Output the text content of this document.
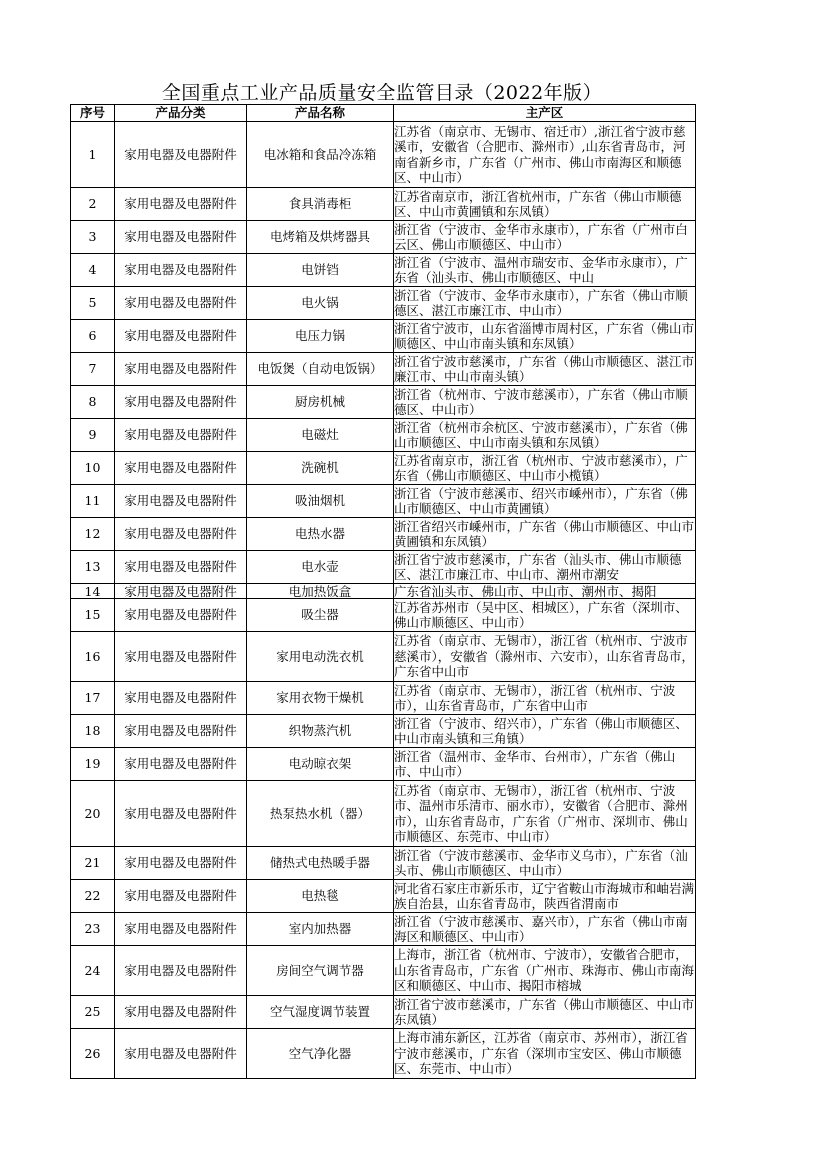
全国重点工业产品质量安全监管目录（2022年版）
序号	产品分类	产品名称	主产区

1	家用电器及电器附件	电冰箱和食品冷冻箱	江苏省（南京市、无锡市、宿迁市）,浙江省宁波市慈溪市，安徽省（合肥市、滁州市）,山东省青岛市，河南省新乡市，广东省（广州市、佛山市南海区和顺德区、中山市）

2	家用电器及电器附件	食具消毒柜	江苏省南京市，浙江省杭州市，广东省（佛山市顺德区、中山市黄圃镇和东凤镇）

3	家用电器及电器附件	电烤箱及烘烤器具	浙江省（宁波市、金华市永康市），广东省（广州市白云区、佛山市顺德区、中山市）

4	家用电器及电器附件	电饼铛	浙江省（宁波市、温州市瑞安市、金华市永康市），广东省（汕头市、佛山市顺德区、中山

5	家用电器及电器附件	电火锅	浙江省（宁波市、金华市永康市），广东省（佛山市顺德区、湛江市廉江市、中山市）

6	家用电器及电器附件	电压力锅	浙江省宁波市，山东省淄博市周村区，广东省（佛山市顺德区、中山市南头镇和东凤镇）

7	家用电器及电器附件	电饭煲（自动电饭锅）	浙江省宁波市慈溪市，广东省（佛山市顺德区、湛江市廉江市、中山市南头镇）

8	家用电器及电器附件	厨房机械	浙江省（杭州市、宁波市慈溪市），广东省（佛山市顺德区、中山市）

9	家用电器及电器附件	电磁灶	浙江省（杭州市余杭区、宁波市慈溪市），广东省（佛山市顺德区、中山市南头镇和东凤镇）

10	家用电器及电器附件	洗碗机	江苏省南京市，浙江省（杭州市、宁波市慈溪市），广东省（佛山市顺德区、中山市小榄镇）

11	家用电器及电器附件	吸油烟机	浙江省（宁波市慈溪市、绍兴市嵊州市），广东省（佛山市顺德区、中山市黄圃镇）

12	家用电器及电器附件	电热水器	浙江省绍兴市嵊州市，广东省（佛山市顺德区、中山市黄圃镇和东凤镇）

13	家用电器及电器附件	电水壶	浙江省宁波市慈溪市，广东省（汕头市、佛山市顺德区、湛江市廉江市、中山市、潮州市潮安

14	家用电器及电器附件	电加热饭盒	广东省汕头市、佛山市、中山市、潮州市、揭阳

15	家用电器及电器附件	吸尘器	江苏省苏州市（吴中区、相城区），广东省（深圳市、佛山市顺德区、中山市）

16	家用电器及电器附件	家用电动洗衣机	江苏省（南京市、无锡市），浙江省（杭州市、宁波市慈溪市），安徽省（滁州市、六安市），山东省青岛市，广东省中山市

17	家用电器及电器附件	家用衣物干燥机	江苏省（南京市、无锡市），浙江省（杭州市、宁波市），山东省青岛市，广东省中山市

18	家用电器及电器附件	织物蒸汽机	浙江省（宁波市、绍兴市），广东省（佛山市顺德区、中山市南头镇和三角镇）

19	家用电器及电器附件	电动晾衣架	浙江省（温州市、金华市、台州市），广东省（佛山市、中山市）

20	家用电器及电器附件	热泵热水机（器）	江苏省（南京市、无锡市），浙江省（杭州市、宁波市、温州市乐清市、丽水市），安徽省（合肥市、滁州市），山东省青岛市，广东省（广州市、深圳市、佛山市顺德区、东莞市、中山市）

21	家用电器及电器附件	储热式电热暖手器	浙江省（宁波市慈溪市、金华市义乌市），广东省（汕头市、佛山市顺德区、中山市）

22	家用电器及电器附件	电热毯	河北省石家庄市新乐市，辽宁省鞍山市海城市和岫岩满族自治县，山东省青岛市，陕西省渭南市

23	家用电器及电器附件	室内加热器	浙江省（宁波市慈溪市、嘉兴市），广东省（佛山市南海区和顺德区、中山市）

24	家用电器及电器附件	房间空气调节器	上海市，浙江省（杭州市、宁波市），安徽省合肥市，山东省青岛市，广东省（广州市、珠海市、佛山市南海区和顺德区、中山市、揭阳市榕城

25	家用电器及电器附件	空气湿度调节装置	浙江省宁波市慈溪市，广东省（佛山市顺德区、中山市东凤镇）

26	家用电器及电器附件	空气净化器	上海市浦东新区，江苏省（南京市、苏州市），浙江省宁波市慈溪市，广东省（深圳市宝安区、佛山市顺德区、东莞市、中山市）
